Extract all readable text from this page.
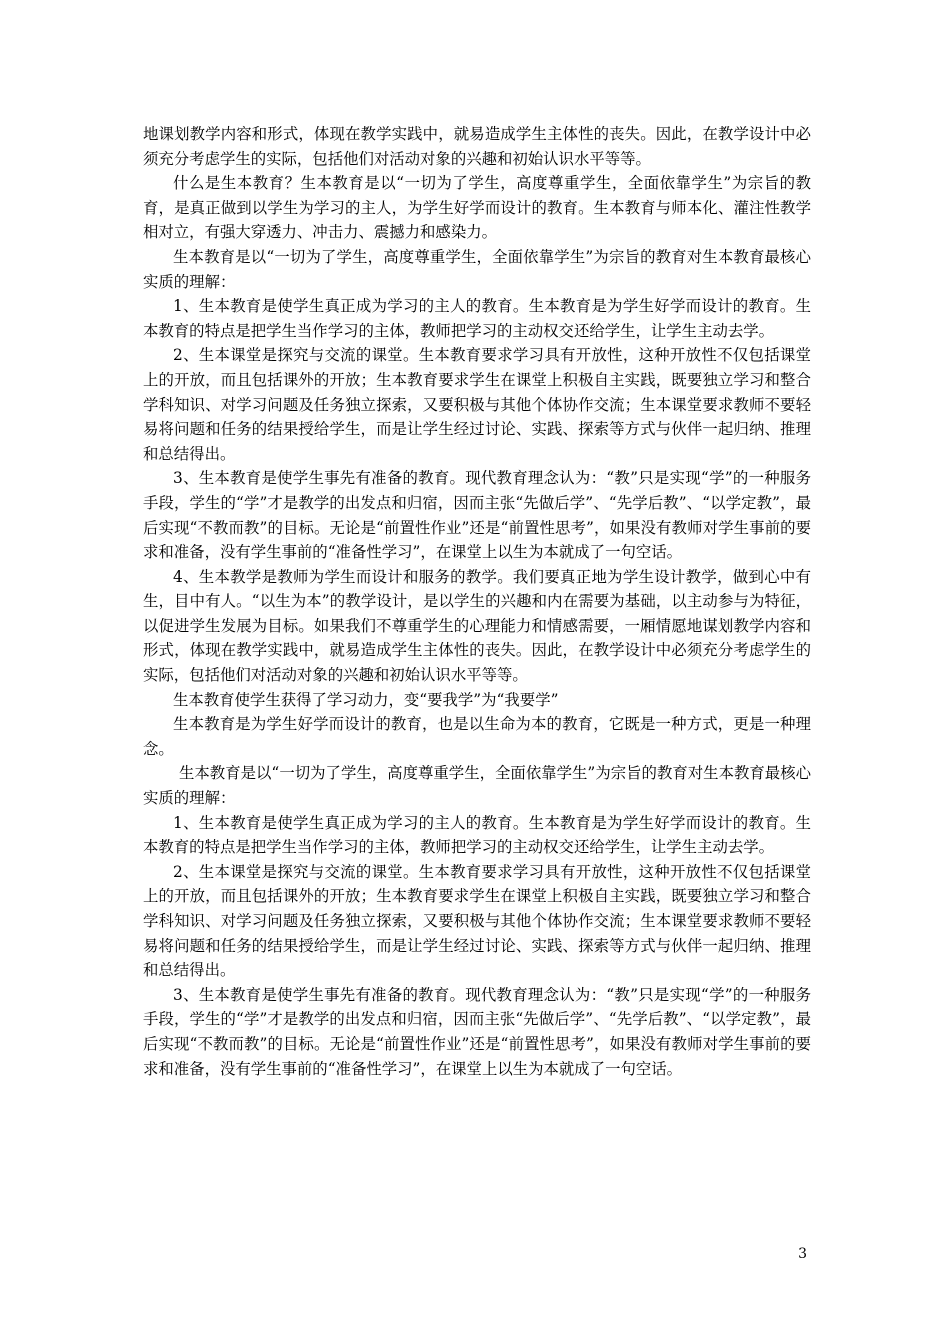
地课划教学内容和形式，体现在教学实践中，就易造成学生主体性的丧失。因此，在教学设计中必须充分考虑学生的实际，包括他们对活动对象的兴趣和初始认识水平等等。

什么是生本教育？生本教育是以“一切为了学生，高度尊重学生，全面依靠学生”为宗旨的教育，是真正做到以学生为学习的主人，为学生好学而设计的教育。生本教育与师本化、灌注性教学相对立，有强大穿透力、冲击力、震撼力和感染力。

生本教育是以“一切为了学生，高度尊重学生，全面依靠学生”为宗旨的教育对生本教育最核心实质的理解：

1、生本教育是使学生真正成为学习的主人的教育。生本教育是为学生好学而设计的教育。生本教育的特点是把学生当作学习的主体，教师把学习的主动权交还给学生，让学生主动去学。

2、生本课堂是探究与交流的课堂。生本教育要求学习具有开放性，这种开放性不仅包括课堂上的开放，而且包括课外的开放；生本教育要求学生在课堂上积极自主实践，既要独立学习和整合学科知识、对学习问题及任务独立探索，又要积极与其他个体协作交流；生本课堂要求教师不要轻易将问题和任务的结果授给学生，而是让学生经过讨论、实践、探索等方式与伙伴一起归纳、推理和总结得出。

3、生本教育是使学生事先有准备的教育。现代教育理念认为：“教”只是实现“学”的一种服务手段，学生的“学”才是教学的出发点和归宿，因而主张“先做后学”、“先学后教”、“以学定教”，最后实现“不教而教”的目标。无论是“前置性作业”还是“前置性思考”，如果没有教师对学生事前的要求和准备，没有学生事前的“准备性学习”，在课堂上以生为本就成了一句空话。

4、生本教学是教师为学生而设计和服务的教学。我们要真正地为学生设计教学，做到心中有生，目中有人。“以生为本”的教学设计，是以学生的兴趣和内在需要为基础，以主动参与为特征，以促进学生发展为目标。如果我们不尊重学生的心理能力和情感需要，一厢情愿地谋划教学内容和形式，体现在教学实践中，就易造成学生主体性的丧失。因此，在教学设计中必须充分考虑学生的实际，包括他们对活动对象的兴趣和初始认识水平等等。

生本教育使学生获得了学习动力，变“要我学”为“我要学”

生本教育是为学生好学而设计的教育，也是以生命为本的教育，它既是一种方式，更是一种理念。

生本教育是以“一切为了学生，高度尊重学生，全面依靠学生”为宗旨的教育对生本教育最核心实质的理解：

1、生本教育是使学生真正成为学习的主人的教育。生本教育是为学生好学而设计的教育。生本教育的特点是把学生当作学习的主体，教师把学习的主动权交还给学生，让学生主动去学。

2、生本课堂是探究与交流的课堂。生本教育要求学习具有开放性，这种开放性不仅包括课堂上的开放，而且包括课外的开放；生本教育要求学生在课堂上积极自主实践，既要独立学习和整合学科知识、对学习问题及任务独立探索，又要积极与其他个体协作交流；生本课堂要求教师不要轻易将问题和任务的结果授给学生，而是让学生经过讨论、实践、探索等方式与伙伴一起归纳、推理和总结得出。

3、生本教育是使学生事先有准备的教育。现代教育理念认为：“教”只是实现“学”的一种服务手段，学生的“学”才是教学的出发点和归宿，因而主张“先做后学”、“先学后教”、“以学定教”，最后实现“不教而教”的目标。无论是“前置性作业”还是“前置性思考”，如果没有教师对学生事前的要求和准备，没有学生事前的“准备性学习”，在课堂上以生为本就成了一句空话。

3
